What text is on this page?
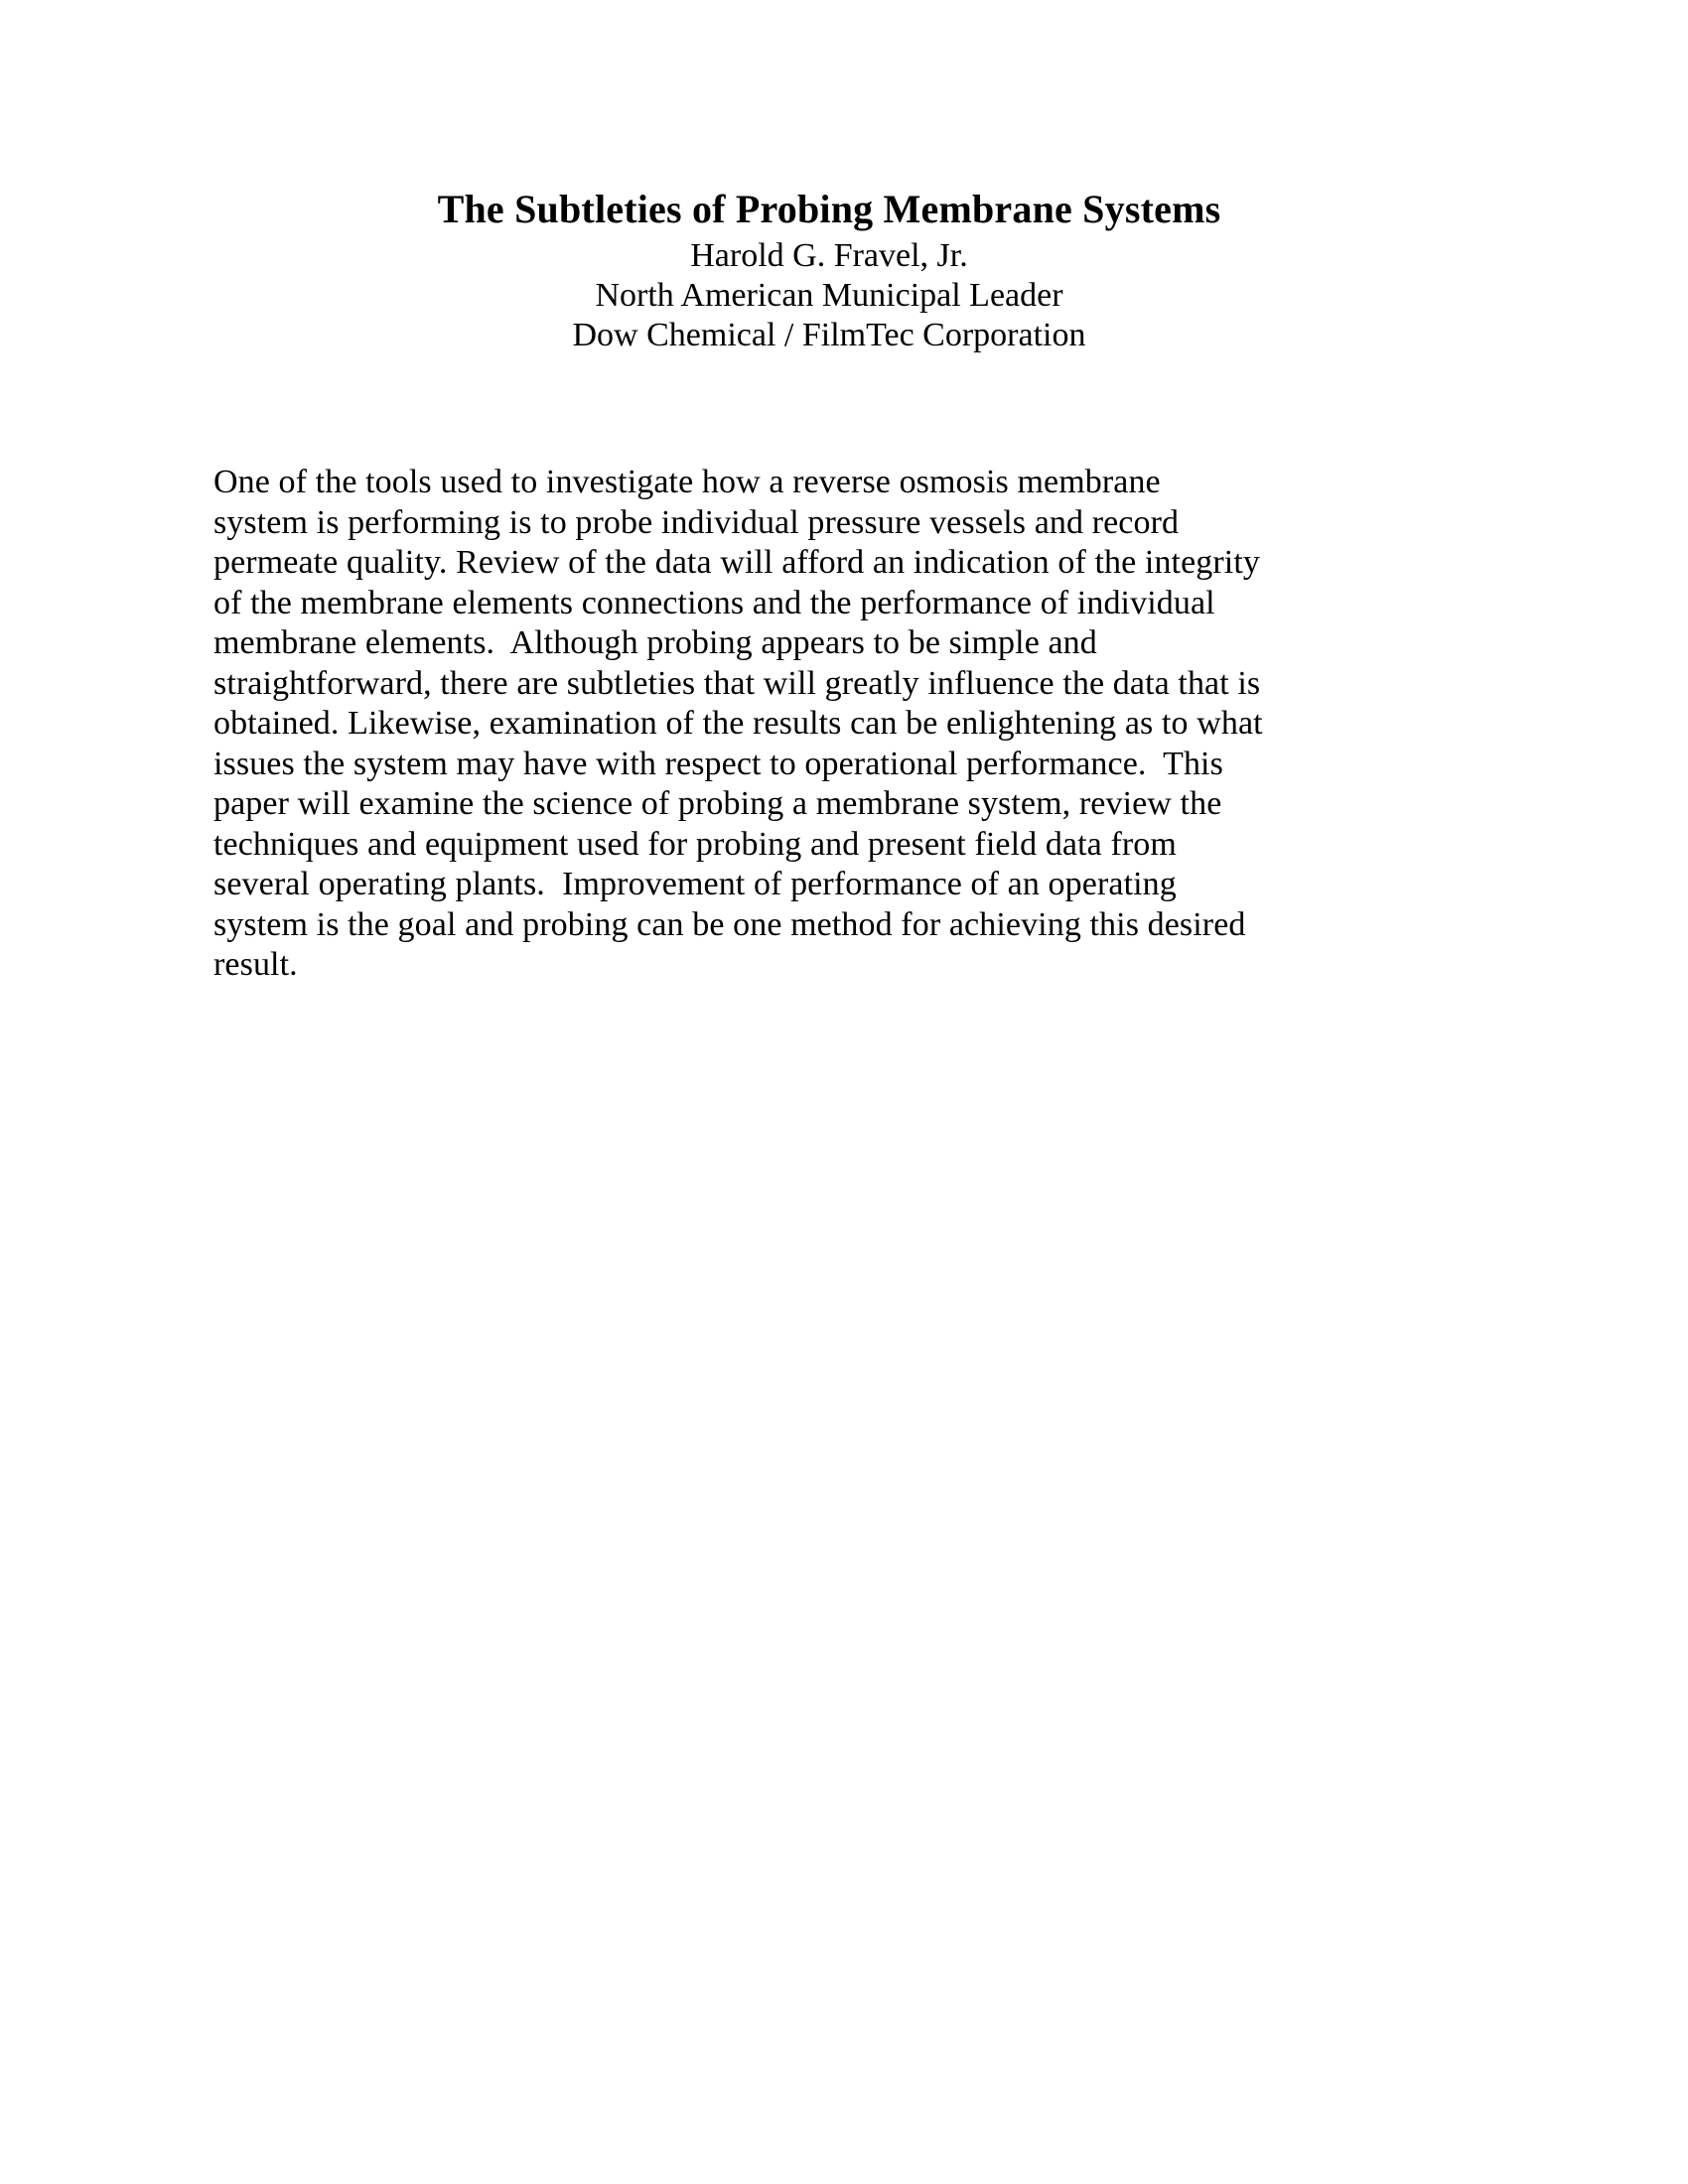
The Subtleties of Probing Membrane Systems

Harold G. Fravel, Jr.

North American Municipal Leader

Dow Chemical / FilmTec Corporation

One of the tools used to investigate how a reverse osmosis membrane
system is performing is to probe individual pressure vessels and record
permeate quality. Review of the data will afford an indication of the integrity
of the membrane elements connections and the performance of individual
membrane elements.  Although probing appears to be simple and
straightforward, there are subtleties that will greatly influence the data that is
obtained. Likewise, examination of the results can be enlightening as to what
issues the system may have with respect to operational performance.  This
paper will examine the science of probing a membrane system, review the
techniques and equipment used for probing and present field data from
several operating plants.  Improvement of performance of an operating
system is the goal and probing can be one method for achieving this desired
result.
